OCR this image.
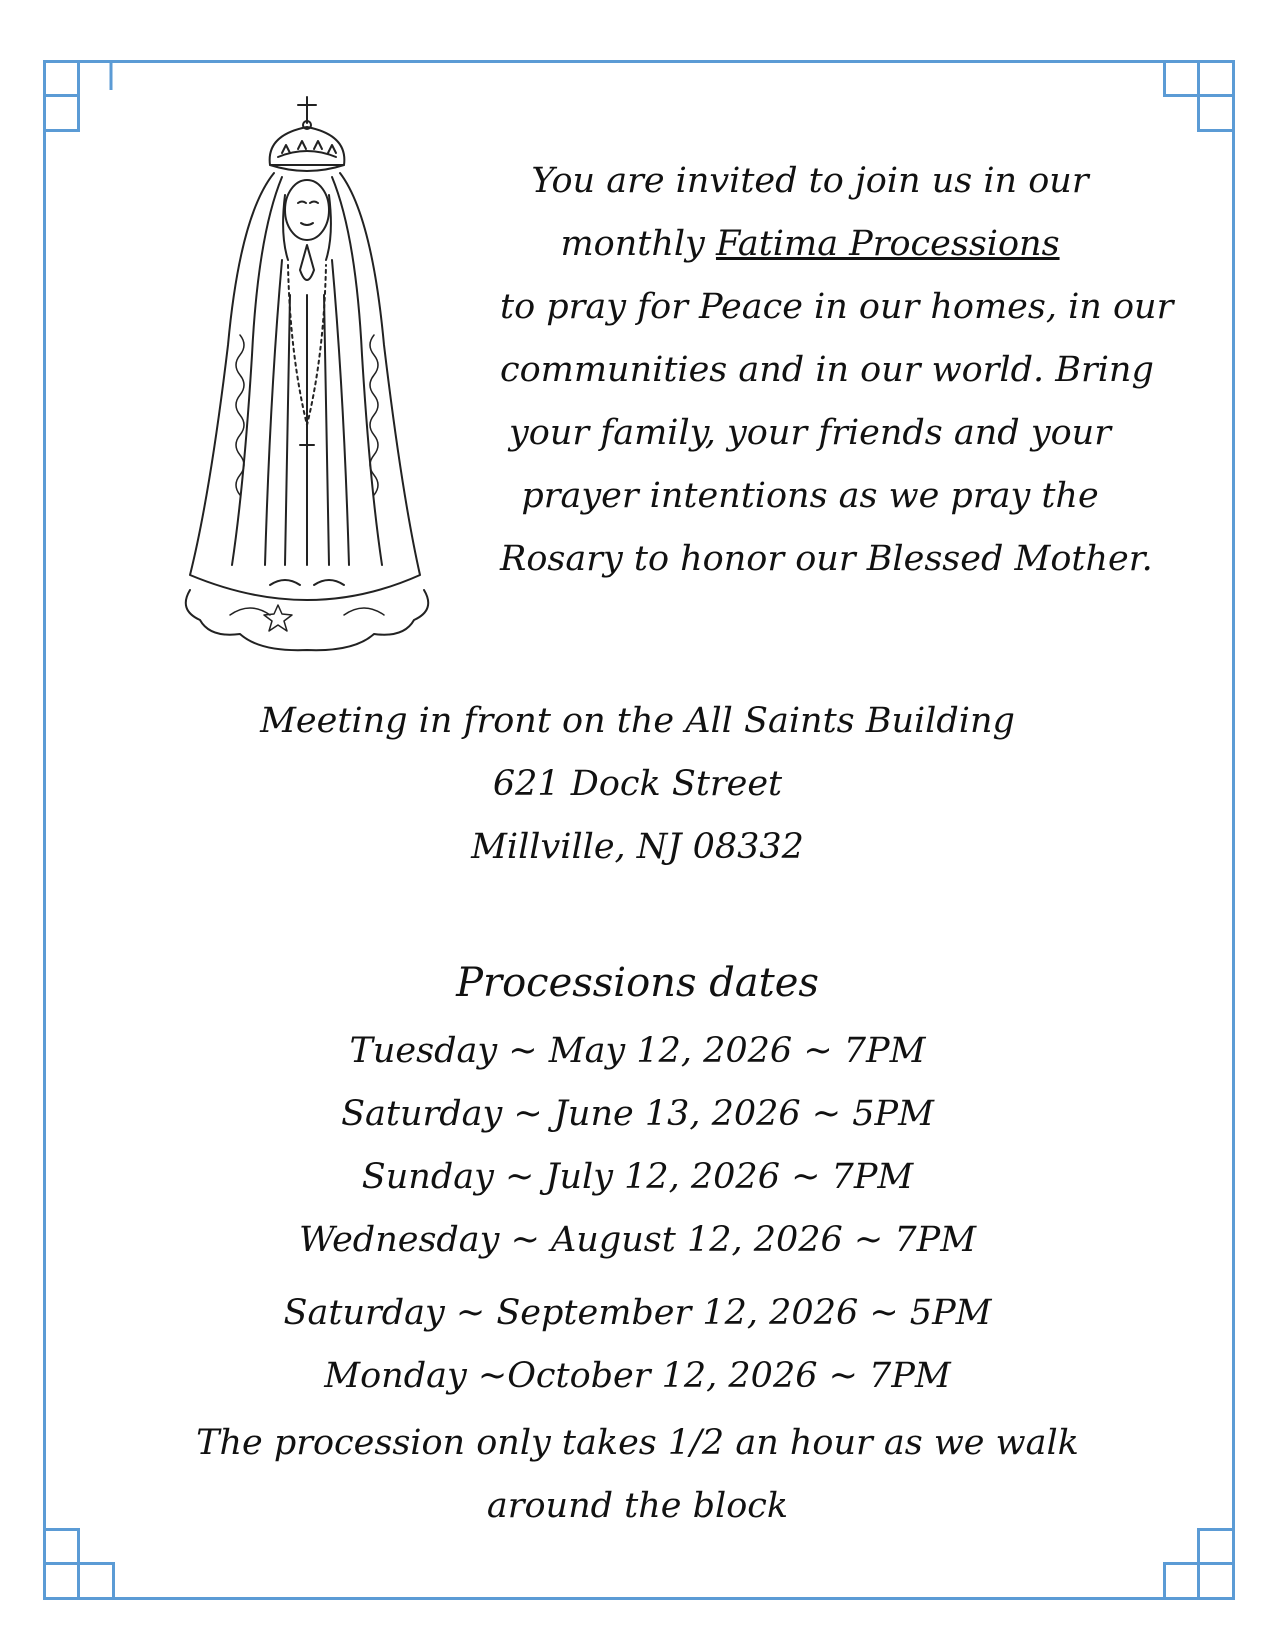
You are invited to join us in our
monthly Fatima Processions
to pray for Peace in our homes, in our
communities and in our world. Bring
your family, your friends and your
prayer intentions as we pray the
Rosary to honor our Blessed Mother.
Meeting in front on the All Saints Building
621 Dock Street
Millville, NJ 08332
Processions dates
Tuesday ~ May 12, 2026 ~ 7PM
Saturday ~ June 13, 2026 ~ 5PM
Sunday ~ July 12, 2026 ~ 7PM
Wednesday ~ August 12, 2026 ~ 7PM
Saturday ~ September 12, 2026 ~ 5PM
Monday ~October 12, 2026 ~ 7PM
The procession only takes 1/2 an hour as we walk
around the block
